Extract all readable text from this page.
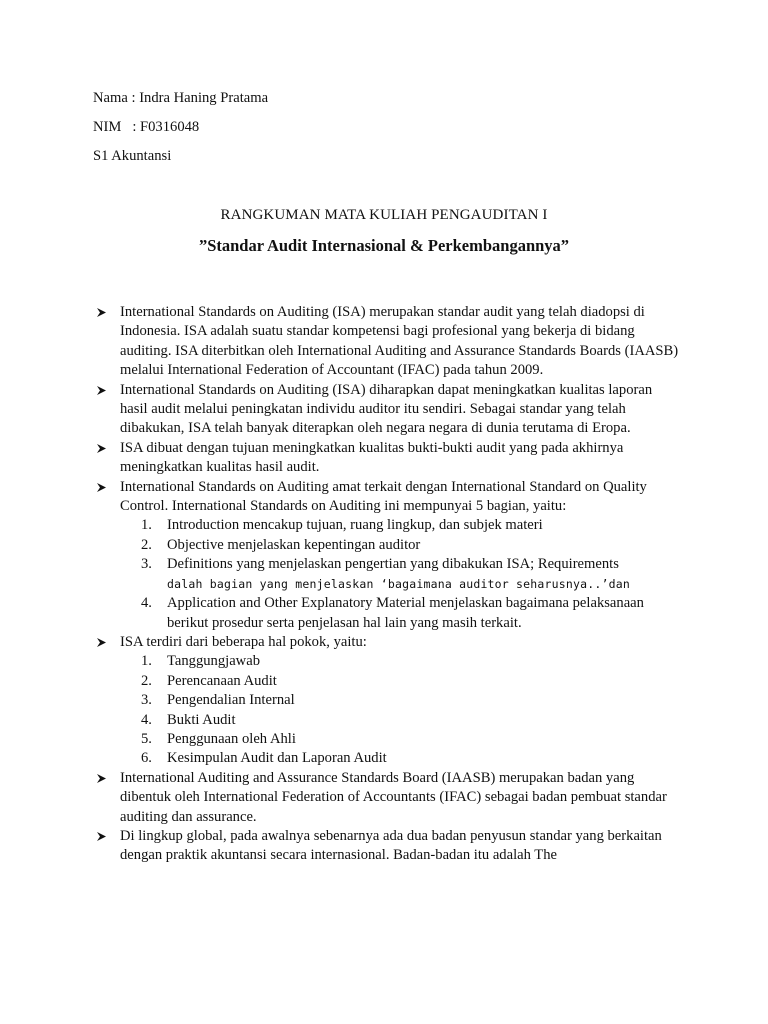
Nama : Indra Haning Pratama
NIM   : F0316048
S1 Akuntansi
RANGKUMAN MATA KULIAH PENGAUDITAN I
”Standar Audit Internasional & Perkembangannya”
International Standards on Auditing (ISA) merupakan standar audit yang telah diadopsi di Indonesia. ISA adalah suatu standar kompetensi bagi profesional yang bekerja di bidang auditing. ISA diterbitkan oleh International Auditing and Assurance Standards Boards (IAASB) melalui International Federation of Accountant (IFAC) pada tahun 2009.
International Standards on Auditing (ISA) diharapkan dapat meningkatkan kualitas laporan hasil audit melalui peningkatan individu auditor itu sendiri. Sebagai standar yang telah dibakukan, ISA telah banyak diterapkan oleh negara negara di dunia terutama di Eropa.
ISA dibuat dengan tujuan meningkatkan kualitas bukti-bukti audit yang pada akhirnya meningkatkan kualitas hasil audit.
International Standards on Auditing amat terkait dengan International Standard on Quality Control. International Standards on Auditing ini mempunyai 5 bagian, yaitu:
1. Introduction mencakup tujuan, ruang lingkup, dan subjek materi
2. Objective menjelaskan kepentingan auditor
3. Definitions yang menjelaskan pengertian yang dibakukan ISA; Requirements
dalah bagian yang menjelaskan ‘bagaimana auditor seharusnya..’dan
4. Application and Other Explanatory Material menjelaskan bagaimana pelaksanaan berikut prosedur serta penjelasan hal lain yang masih terkait.
ISA terdiri dari beberapa hal pokok, yaitu:
1. Tanggungjawab
2. Perencanaan Audit
3. Pengendalian Internal
4. Bukti Audit
5. Penggunaan oleh Ahli
6. Kesimpulan Audit dan Laporan Audit
International Auditing and Assurance Standards Board (IAASB) merupakan badan yang dibentuk oleh International Federation of Accountants (IFAC) sebagai badan pembuat standar auditing dan assurance.
Di lingkup global, pada awalnya sebenarnya ada dua badan penyusun standar yang berkaitan dengan praktik akuntansi secara internasional. Badan-badan itu adalah The
